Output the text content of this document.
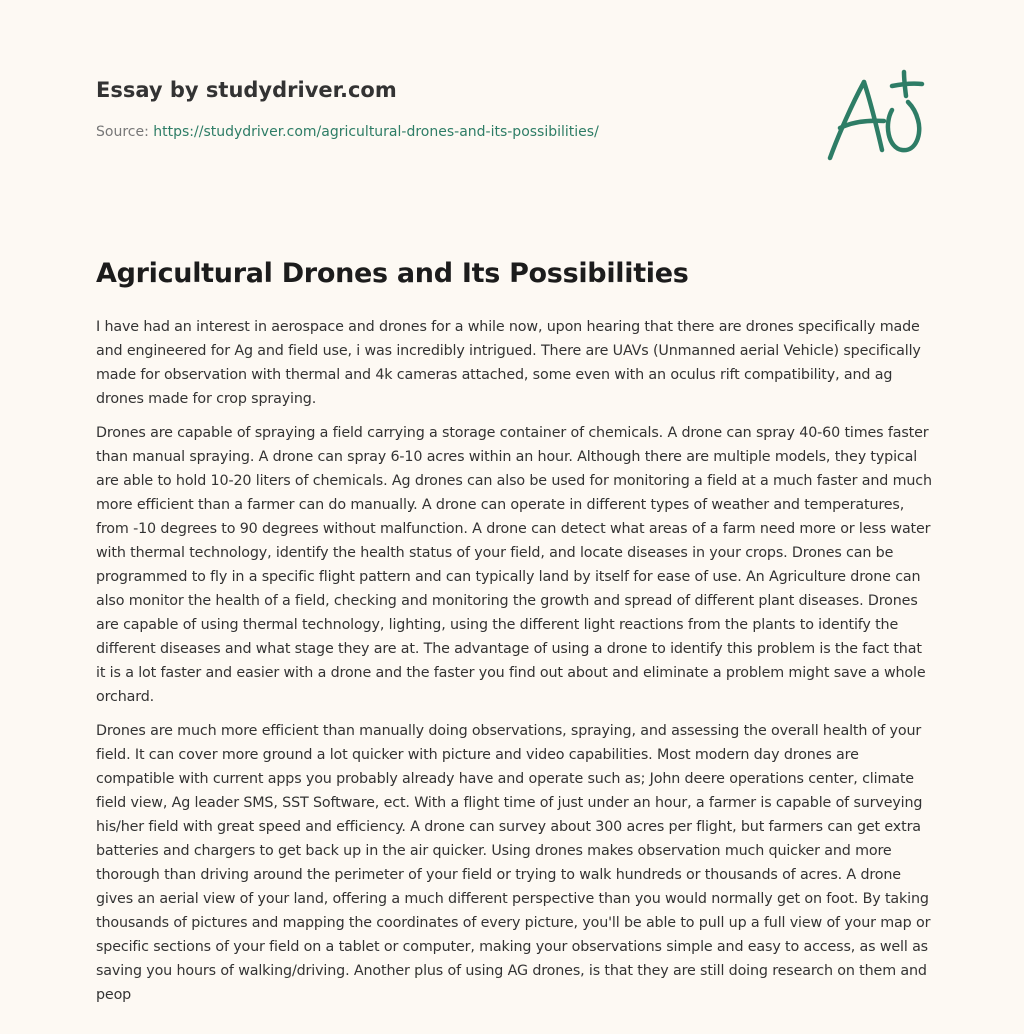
Essay by studydriver.com
Source: https://studydriver.com/agricultural-drones-and-its-possibilities/
Agricultural Drones and Its Possibilities

I have had an interest in aerospace and drones for a while now, upon hearing that there are drones specifically made and engineered for Ag and field use, i was incredibly intrigued. There are UAVs (Unmanned aerial Vehicle) specifically made for observation with thermal and 4k cameras attached, some even with an oculus rift compatibility, and ag drones made for crop spraying.

Drones are capable of spraying a field carrying a storage container of chemicals. A drone can spray 40-60 times faster than manual spraying. A drone can spray 6-10 acres within an hour. Although there are multiple models, they typical are able to hold 10-20 liters of chemicals. Ag drones can also be used for monitoring a field at a much faster and much more efficient than a farmer can do manually. A drone can operate in different types of weather and temperatures, from -10 degrees to 90 degrees without malfunction. A drone can detect what areas of a farm need more or less water with thermal technology, identify the health status of your field, and locate diseases in your crops. Drones can be programmed to fly in a specific flight pattern and can typically land by itself for ease of use. An Agriculture drone can also monitor the health of a field, checking and monitoring the growth and spread of different plant diseases. Drones are capable of using thermal technology, lighting, using the different light reactions from the plants to identify the different diseases and what stage they are at. The advantage of using a drone to identify this problem is the fact that it is a lot faster and easier with a drone and the faster you find out about and eliminate a problem might save a whole orchard.

Drones are much more efficient than manually doing observations, spraying, and assessing the overall health of your field. It can cover more ground a lot quicker with picture and video capabilities. Most modern day drones are compatible with current apps you probably already have and operate such as; John deere operations center, climate field view, Ag leader SMS, SST Software, ect. With a flight time of just under an hour, a farmer is capable of surveying his/her field with great speed and efficiency. A drone can survey about 300 acres per flight, but farmers can get extra batteries and chargers to get back up in the air quicker. Using drones makes observation much quicker and more thorough than driving around the perimeter of your field or trying to walk hundreds or thousands of acres. A drone gives an aerial view of your land, offering a much different perspective than you would normally get on foot. By taking thousands of pictures and mapping the coordinates of every picture, you'll be able to pull up a full view of your map or specific sections of your field on a tablet or computer, making your observations simple and easy to access, as well as saving you hours of walking/driving. Another plus of using AG drones, is that they are still doing research on them and peop
